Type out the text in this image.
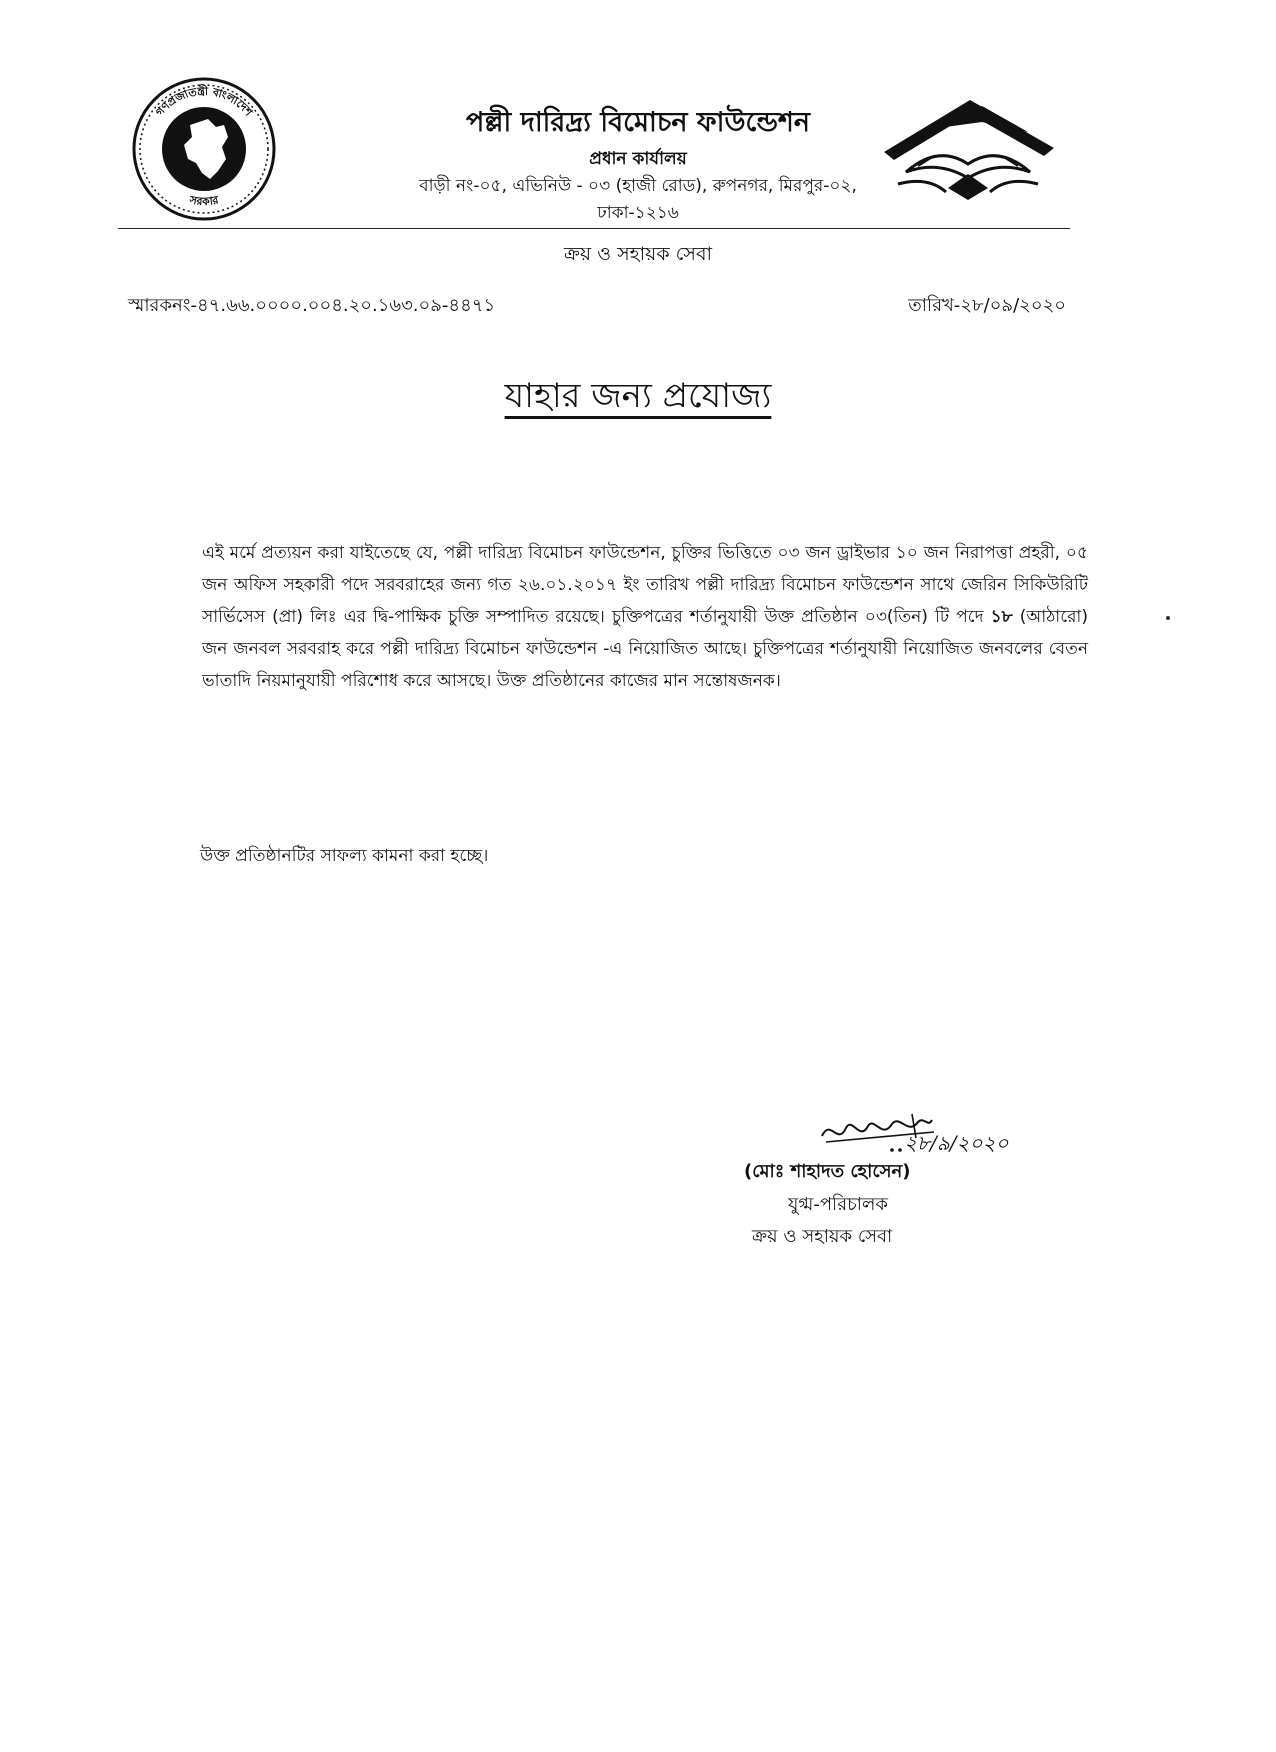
গণপ্রজাতন্ত্রী বাংলাদেশ
সরকার
পল্লী দারিদ্র্য বিমোচন ফাউন্ডেশন
প্রধান কার্যালয়
বাড়ী নং-০৫, এভিনিউ - ০৩ (হাজী রোড), রুপনগর, মিরপুর-০২,
ঢাকা-১২১৬
ক্রয় ও সহায়ক সেবা
স্মারকনং-৪৭.৬৬.০০০০.০০৪.২০.১৬৩.০৯-৪৪৭১	তারিখ-২৮/০৯/২০২০
যাহার জন্য প্রযোজ্য
এই মর্মে প্রত্যয়ন করা যাইতেছে যে, পল্লী দারিদ্র্য বিমোচন ফাউন্ডেশন, চুক্তির ভিত্তিতে ০৩ জন ড্রাইভার ১০ জন নিরাপত্তা প্রহরী, ০৫ জন অফিস সহকারী পদে সরবরাহের জন্য গত ২৬.০১.২০১৭ ইং তারিখ পল্লী দারিদ্র্য বিমোচন ফাউন্ডেশন সাথে জেরিন সিকিউরিটি সার্ভিসেস (প্রা) লিঃ এর দ্বি-পাক্ষিক চুক্তি সম্পাদিত রয়েছে। চুক্তিপত্রের শর্তানুযায়ী উক্ত প্রতিষ্ঠান ০৩(তিন) টি পদে ১৮ (আঠারো) জন জনবল সরবরাহ করে পল্লী দারিদ্র্য বিমোচন ফাউন্ডেশন -এ নিয়োজিত আছে। চুক্তিপত্রের শর্তানুযায়ী নিয়োজিত জনবলের বেতন ভাতাদি নিয়মানুযায়ী পরিশোধ করে আসছে। উক্ত প্রতিষ্ঠানের কাজের মান সন্তোষজনক।
উক্ত প্রতিষ্ঠানটির সাফল্য কামনা করা হচ্ছে।
২৮/৯/২০২০
(মোঃ শাহাদত হোসেন)
যুগ্ম-পরিচালক
ক্রয় ও সহায়ক সেবা
